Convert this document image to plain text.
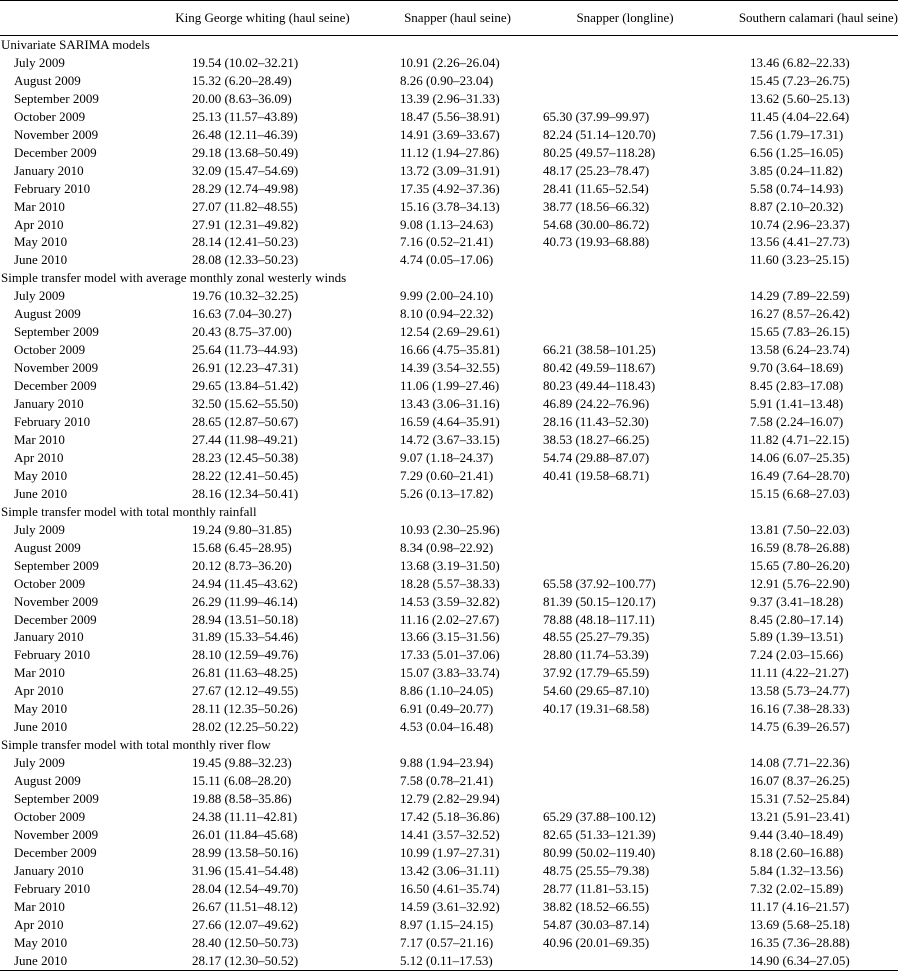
	King George whiting (haul seine)	Snapper (haul seine)	Snapper (longline)	Southern calamari (haul seine)
Univariate SARIMA models				
July 2009	19.54 (10.02–32.21)	10.91 (2.26–26.04)		13.46 (6.82–22.33)
August 2009	15.32 (6.20–28.49)	8.26 (0.90–23.04)		15.45 (7.23–26.75)
September 2009	20.00 (8.63–36.09)	13.39 (2.96–31.33)		13.62 (5.60–25.13)
October 2009	25.13 (11.57–43.89)	18.47 (5.56–38.91)	65.30 (37.99–99.97)	11.45 (4.04–22.64)
November 2009	26.48 (12.11–46.39)	14.91 (3.69–33.67)	82.24 (51.14–120.70)	7.56 (1.79–17.31)
December 2009	29.18 (13.68–50.49)	11.12 (1.94–27.86)	80.25 (49.57–118.28)	6.56 (1.25–16.05)
January 2010	32.09 (15.47–54.69)	13.72 (3.09–31.91)	48.17 (25.23–78.47)	3.85 (0.24–11.82)
February 2010	28.29 (12.74–49.98)	17.35 (4.92–37.36)	28.41 (11.65–52.54)	5.58 (0.74–14.93)
Mar 2010	27.07 (11.82–48.55)	15.16 (3.78–34.13)	38.77 (18.56–66.32)	8.87 (2.10–20.32)
Apr 2010	27.91 (12.31–49.82)	9.08 (1.13–24.63)	54.68 (30.00–86.72)	10.74 (2.96–23.37)
May 2010	28.14 (12.41–50.23)	7.16 (0.52–21.41)	40.73 (19.93–68.88)	13.56 (4.41–27.73)
June 2010	28.08 (12.33–50.23)	4.74 (0.05–17.06)		11.60 (3.23–25.15)
Simple transfer model with average monthly zonal westerly winds				
July 2009	19.76 (10.32–32.25)	9.99 (2.00–24.10)		14.29 (7.89–22.59)
August 2009	16.63 (7.04–30.27)	8.10 (0.94–22.32)		16.27 (8.57–26.42)
September 2009	20.43 (8.75–37.00)	12.54 (2.69–29.61)		15.65 (7.83–26.15)
October 2009	25.64 (11.73–44.93)	16.66 (4.75–35.81)	66.21 (38.58–101.25)	13.58 (6.24–23.74)
November 2009	26.91 (12.23–47.31)	14.39 (3.54–32.55)	80.42 (49.59–118.67)	9.70 (3.64–18.69)
December 2009	29.65 (13.84–51.42)	11.06 (1.99–27.46)	80.23 (49.44–118.43)	8.45 (2.83–17.08)
January 2010	32.50 (15.62–55.50)	13.43 (3.06–31.16)	46.89 (24.22–76.96)	5.91 (1.41–13.48)
February 2010	28.65 (12.87–50.67)	16.59 (4.64–35.91)	28.16 (11.43–52.30)	7.58 (2.24–16.07)
Mar 2010	27.44 (11.98–49.21)	14.72 (3.67–33.15)	38.53 (18.27–66.25)	11.82 (4.71–22.15)
Apr 2010	28.23 (12.45–50.38)	9.07 (1.18–24.37)	54.74 (29.88–87.07)	14.06 (6.07–25.35)
May 2010	28.22 (12.41–50.45)	7.29 (0.60–21.41)	40.41 (19.58–68.71)	16.49 (7.64–28.70)
June 2010	28.16 (12.34–50.41)	5.26 (0.13–17.82)		15.15 (6.68–27.03)
Simple transfer model with total monthly rainfall				
July 2009	19.24 (9.80–31.85)	10.93 (2.30–25.96)		13.81 (7.50–22.03)
August 2009	15.68 (6.45–28.95)	8.34 (0.98–22.92)		16.59 (8.78–26.88)
September 2009	20.12 (8.73–36.20)	13.68 (3.19–31.50)		15.65 (7.80–26.20)
October 2009	24.94 (11.45–43.62)	18.28 (5.57–38.33)	65.58 (37.92–100.77)	12.91 (5.76–22.90)
November 2009	26.29 (11.99–46.14)	14.53 (3.59–32.82)	81.39 (50.15–120.17)	9.37 (3.41–18.28)
December 2009	28.94 (13.51–50.18)	11.16 (2.02–27.67)	78.88 (48.18–117.11)	8.45 (2.80–17.14)
January 2010	31.89 (15.33–54.46)	13.66 (3.15–31.56)	48.55 (25.27–79.35)	5.89 (1.39–13.51)
February 2010	28.10 (12.59–49.76)	17.33 (5.01–37.06)	28.80 (11.74–53.39)	7.24 (2.03–15.66)
Mar 2010	26.81 (11.63–48.25)	15.07 (3.83–33.74)	37.92 (17.79–65.59)	11.11 (4.22–21.27)
Apr 2010	27.67 (12.12–49.55)	8.86 (1.10–24.05)	54.60 (29.65–87.10)	13.58 (5.73–24.77)
May 2010	28.11 (12.35–50.26)	6.91 (0.49–20.77)	40.17 (19.31–68.58)	16.16 (7.38–28.33)
June 2010	28.02 (12.25–50.22)	4.53 (0.04–16.48)		14.75 (6.39–26.57)
Simple transfer model with total monthly river flow				
July 2009	19.45 (9.88–32.23)	9.88 (1.94–23.94)		14.08 (7.71–22.36)
August 2009	15.11 (6.08–28.20)	7.58 (0.78–21.41)		16.07 (8.37–26.25)
September 2009	19.88 (8.58–35.86)	12.79 (2.82–29.94)		15.31 (7.52–25.84)
October 2009	24.38 (11.11–42.81)	17.42 (5.18–36.86)	65.29 (37.88–100.12)	13.21 (5.91–23.41)
November 2009	26.01 (11.84–45.68)	14.41 (3.57–32.52)	82.65 (51.33–121.39)	9.44 (3.40–18.49)
December 2009	28.99 (13.58–50.16)	10.99 (1.97–27.31)	80.99 (50.02–119.40)	8.18 (2.60–16.88)
January 2010	31.96 (15.41–54.48)	13.42 (3.06–31.11)	48.75 (25.55–79.38)	5.84 (1.32–13.56)
February 2010	28.04 (12.54–49.70)	16.50 (4.61–35.74)	28.77 (11.81–53.15)	7.32 (2.02–15.89)
Mar 2010	26.67 (11.51–48.12)	14.59 (3.61–32.92)	38.82 (18.52–66.55)	11.17 (4.16–21.57)
Apr 2010	27.66 (12.07–49.62)	8.97 (1.15–24.15)	54.87 (30.03–87.14)	13.69 (5.68–25.18)
May 2010	28.40 (12.50–50.73)	7.17 (0.57–21.16)	40.96 (20.01–69.35)	16.35 (7.36–28.88)
June 2010	28.17 (12.30–50.52)	5.12 (0.11–17.53)		14.90 (6.34–27.05)
